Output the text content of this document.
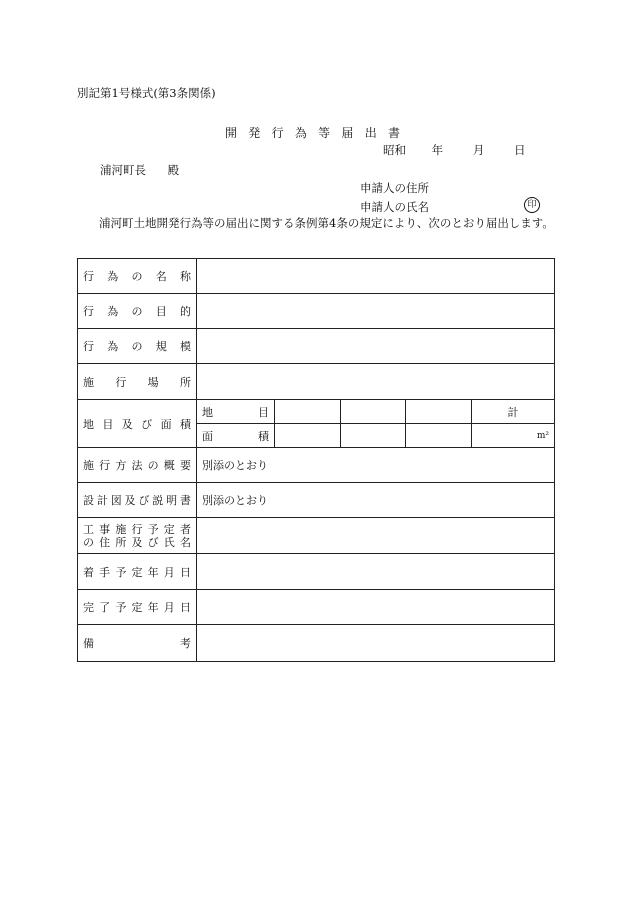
別記第1号様式(第3条関係)
開 発 行 為 等 届 出 書
昭和 年	月	日
浦河町長 殿
申請人の住所
申請人の氏名	印
浦河町土地開発行為等の届出に関する条例第4条の規定により、次のとおり届出します。
行 為 の 名 称

行 為 の 目 的

行 為 の 規 模

施 行 場 所

地 目 及 び 面 積

地	目				計

面	積				m²

施 行 方 法 の 概 要	別添のとおり

設 計 図 及 び 説 明 書	別添のとおり

工 事 施 行 予 定 者
の 住 所 及 び 氏 名

着 手 予 定 年 月 日

完 了 予 定 年 月 日

備	考
